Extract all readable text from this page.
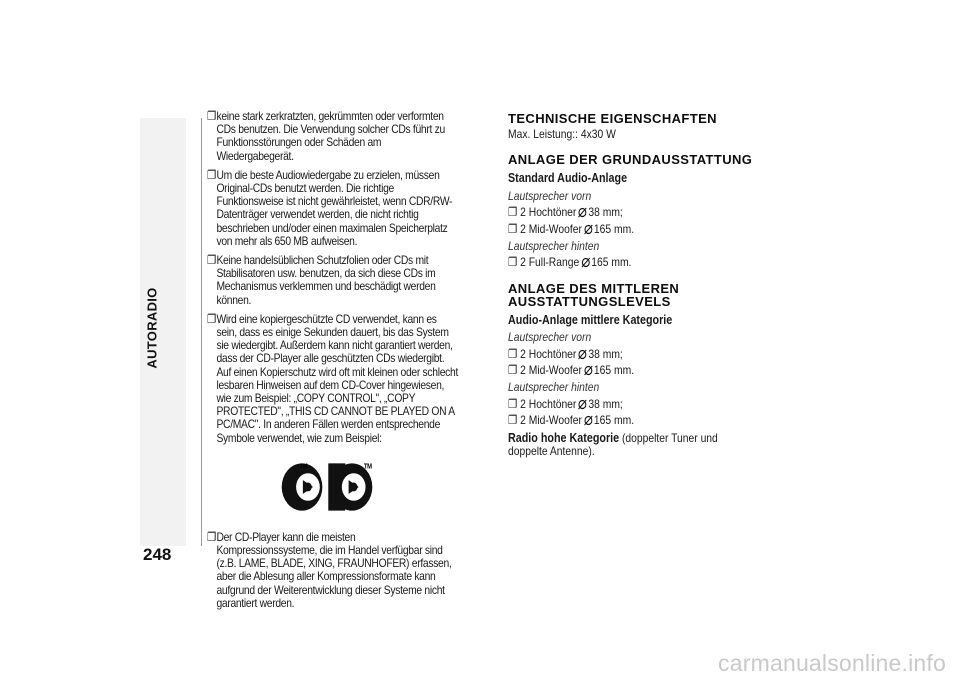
AUTORADIO
248
❐ keine stark zerkratzten, gekrümmten oder verformten CDs benutzen. Die Verwendung solcher CDs führt zu Funktionsstörungen oder Schäden am Wiedergabegerät.
❐ Um die beste Audiowiedergabe zu erzielen, müssen Original-CDs benutzt werden. Die richtige Funktionsweise ist nicht gewährleistet, wenn CDR/RW-Datenträger verwendet werden, die nicht richtig beschrieben und/oder einen maximalen Speicherplatz von mehr als 650 MB aufweisen.
❐ Keine handelsüblichen Schutzfolien oder CDs mit Stabilisatoren usw. benutzen, da sich diese CDs im Mechanismus verklemmen und beschädigt werden können.
❐ Wird eine kopiergeschützte CD verwendet, kann es sein, dass es einige Sekunden dauert, bis das System sie wiedergibt. Außerdem kann nicht garantiert werden, dass der CD-Player alle geschützten CDs wiedergibt. Auf einen Kopierschutz wird oft mit kleinen oder schlecht lesbaren Hinweisen auf dem CD-Cover hingewiesen, wie zum Beispiel: „COPY CONTROL", „COPY PROTECTED", „THIS CD CANNOT BE PLAYED ON A PC/MAC". In anderen Fällen werden entsprechende Symbole verwendet, wie zum Beispiel:
TM	TM
❐ Der CD-Player kann die meisten Kompressionssysteme, die im Handel verfügbar sind (z.B. LAME, BLADE, XING, FRAUNHOFER) erfassen, aber die Ablesung aller Kompressionsformate kann aufgrund der Weiterentwicklung dieser Systeme nicht garantiert werden.
TECHNISCHE EIGENSCHAFTEN
Max. Leistung:: 4x30 W
ANLAGE DER GRUNDAUSSTATTUNG
Standard Audio-Anlage
Lautsprecher vorn
❐ 2 Hochtöner 38 mm;
❐ 2 Mid-Woofer 165 mm.
Lautsprecher hinten
❐ 2 Full-Range 165 mm.
ANLAGE DES MITTLEREN
AUSSTATTUNGSLEVELS
Audio-Anlage mittlere Kategorie
Lautsprecher vorn
❐ 2 Hochtöner 38 mm;
❐ 2 Mid-Woofer 165 mm.
Lautsprecher hinten
❐ 2 Hochtöner 38 mm;
❐ 2 Mid-Woofer 165 mm.
Radio hohe Kategorie (doppelter Tuner und doppelte Antenne).
carmanualsonline.info
